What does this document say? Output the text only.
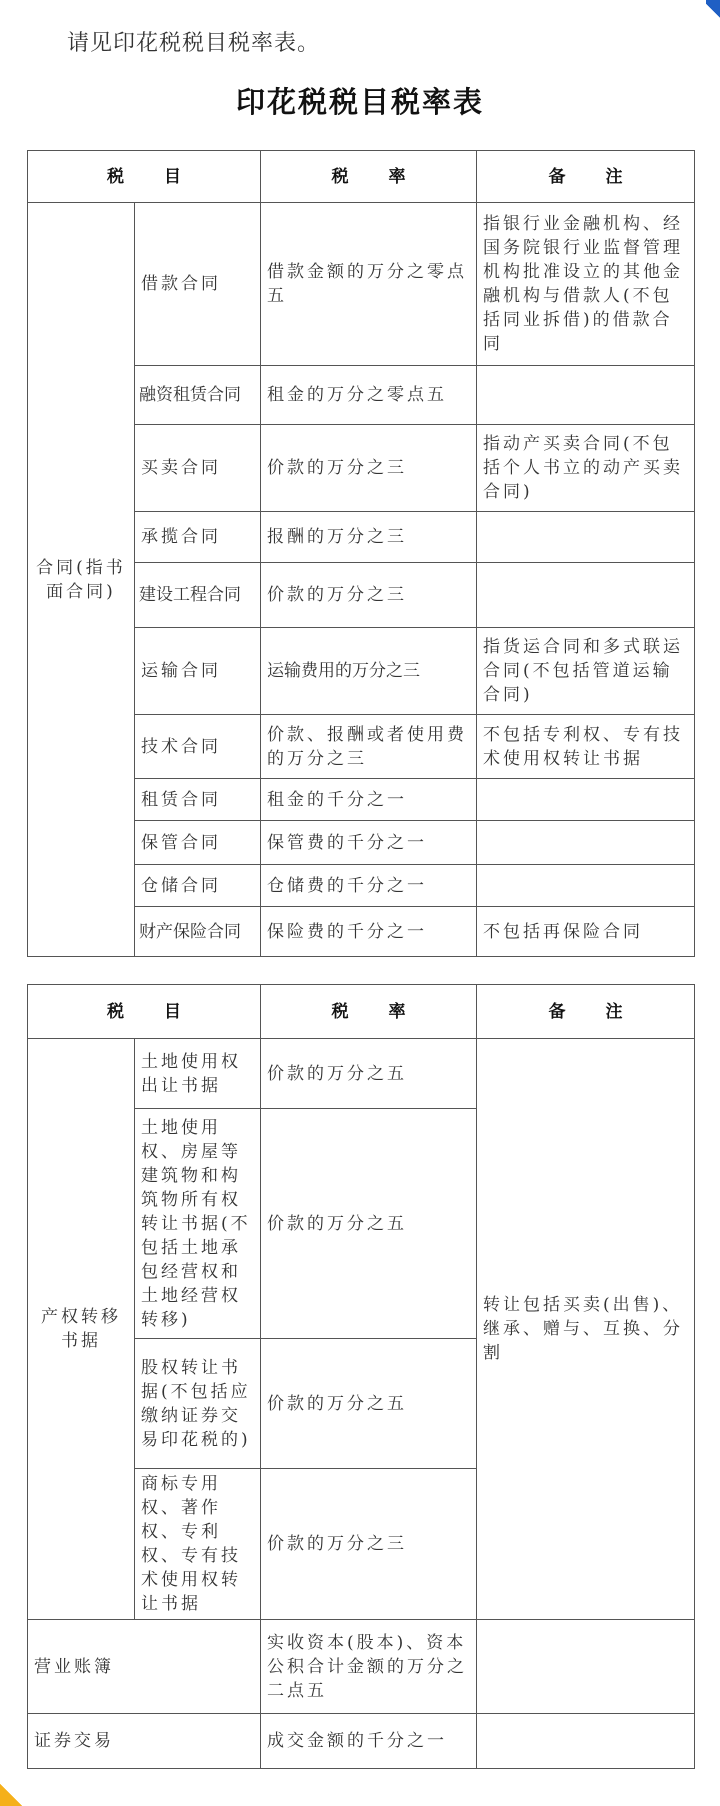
请见印花税税目税率表。
印花税税目税率表
税 目		税 率	备 注
合同(指书面合同)	借款合同	借款金额的万分之零点五	指银行业金融机构、经国务院银行业监督管理机构批准设立的其他金融机构与借款人(不包括同业拆借)的借款合同
	融资租赁合同	租金的万分之零点五	
	买卖合同	价款的万分之三	指动产买卖合同(不包括个人书立的动产买卖合同)
	承揽合同	报酬的万分之三	
	建设工程合同	价款的万分之三	
	运输合同	运输费用的万分之三	指货运合同和多式联运合同(不包括管道运输合同)
	技术合同	价款、报酬或者使用费的万分之三	不包括专利权、专有技术使用权转让书据
	租赁合同	租金的千分之一	
	保管合同	保管费的千分之一	
	仓储合同	仓储费的千分之一	
	财产保险合同	保险费的千分之一	不包括再保险合同
税 目		税 率	备 注
产权转移书据	土地使用权出让书据	价款的万分之五	转让包括买卖(出售)、继承、赠与、互换、分割
	土地使用权、房屋等建筑物和构筑物所有权转让书据(不包括土地承包经营权和土地经营权转移)	价款的万分之五	
	股权转让书据(不包括应缴纳证券交易印花税的)	价款的万分之五	
	商标专用权、著作权、专利权、专有技术使用权转让书据	价款的万分之三	
营业账簿		实收资本(股本)、资本公积合计金额的万分之二点五	
证券交易		成交金额的千分之一	
